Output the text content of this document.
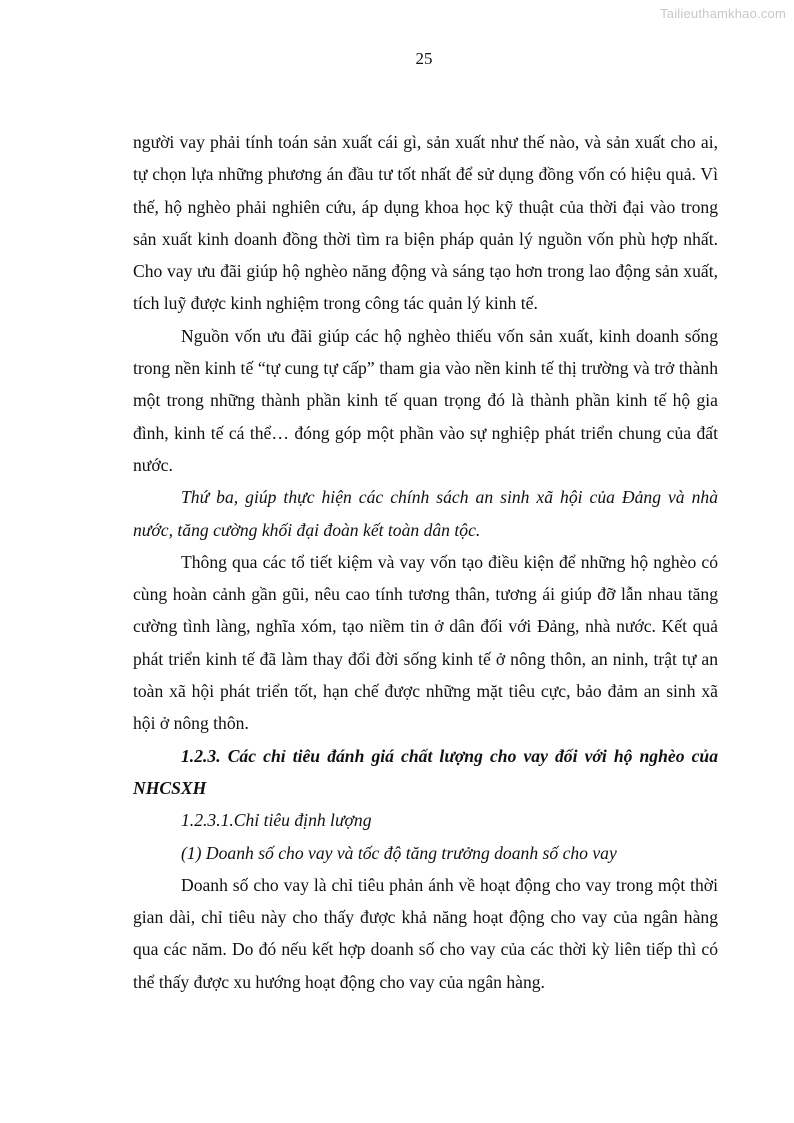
Tailieuthamkhao.com
25

người vay phải tính toán sản xuất cái gì, sản xuất như thế nào, và sản xuất cho ai, tự chọn lựa những phương án đầu tư tốt nhất để sử dụng đồng vốn có hiệu quả. Vì thế, hộ nghèo phải nghiên cứu, áp dụng khoa học kỹ thuật của thời đại vào trong sản xuất kinh doanh đồng thời tìm ra biện pháp quản lý nguồn vốn phù hợp nhất. Cho vay ưu đãi giúp hộ nghèo năng động và sáng tạo hơn trong lao động sản xuất, tích luỹ được kinh nghiệm trong công tác quản lý kinh tế.

Nguồn vốn ưu đãi giúp các hộ nghèo thiếu vốn sản xuất, kinh doanh sống trong nền kinh tế “tự cung tự cấp” tham gia vào nền kinh tế thị trường và trở thành một trong những thành phần kinh tế quan trọng đó là thành phần kinh tế hộ gia đình, kinh tế cá thể… đóng góp một phần vào sự nghiệp phát triển chung của đất nước.

Thứ ba, giúp thực hiện các chính sách an sinh xã hội của Đảng và nhà nước, tăng cường khối đại đoàn kết toàn dân tộc.

Thông qua các tổ tiết kiệm và vay vốn tạo điều kiện để những hộ nghèo có cùng hoàn cảnh gần gũi, nêu cao tính tương thân, tương ái giúp đỡ lẫn nhau tăng cường tình làng, nghĩa xóm, tạo niềm tin ở dân đối với Đảng, nhà nước. Kết quả phát triển kinh tế đã làm thay đổi đời sống kinh tế ở nông thôn, an ninh, trật tự an toàn xã hội phát triển tốt, hạn chế được những mặt tiêu cực, bảo đảm an sinh xã hội ở nông thôn.

1.2.3. Các chỉ tiêu đánh giá chất lượng cho vay đối với hộ nghèo của NHCSXH

1.2.3.1.Chỉ tiêu định lượng

(1) Doanh số cho vay và tốc độ tăng trưởng doanh số cho vay

Doanh số cho vay là chỉ tiêu phản ánh về hoạt động cho vay trong một thời gian dài, chỉ tiêu này cho thấy được khả năng hoạt động cho vay của ngân hàng qua các năm. Do đó nếu kết hợp doanh số cho vay của các thời kỳ liên tiếp thì có thể thấy được xu hướng hoạt động cho vay của ngân hàng.
